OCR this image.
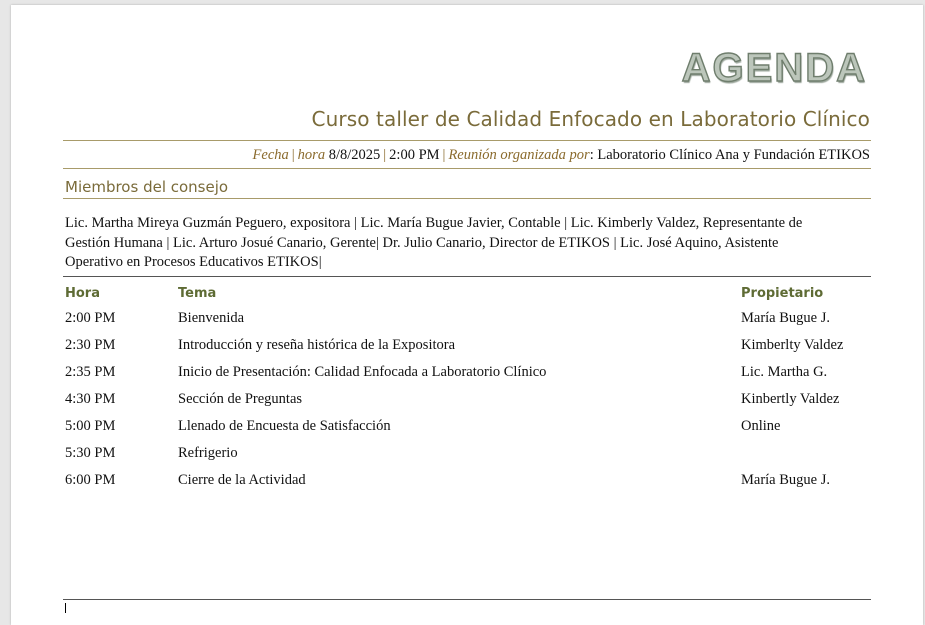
AGENDA
Curso taller de Calidad Enfocado en Laboratorio Clínico
Fecha | hora 8/8/2025 | 2:00 PM | Reunión organizada por: Laboratorio Clínico Ana y Fundación ETIKOS
Miembros del consejo
Lic. Martha Mireya Guzmán Peguero, expositora | Lic. María Bugue Javier, Contable | Lic. Kimberly Valdez, Representante de Gestión Humana | Lic. Arturo Josué Canario, Gerente| Dr. Julio Canario, Director de ETIKOS | Lic. José Aquino, Asistente Operativo en Procesos Educativos ETIKOS|
Hora	Tema	Propietario
2:00 PM	Bienvenida	María Bugue J.
2:30 PM	Introducción y reseña histórica de la Expositora	Kimberlty Valdez
2:35 PM	Inicio de Presentación: Calidad Enfocada a Laboratorio Clínico	Lic. Martha G.
4:30 PM	Sección de Preguntas	Kinbertly Valdez
5:00 PM	Llenado de Encuesta de Satisfacción	Online
5:30 PM	Refrigerio
6:00 PM	Cierre de la Actividad	María Bugue J.
